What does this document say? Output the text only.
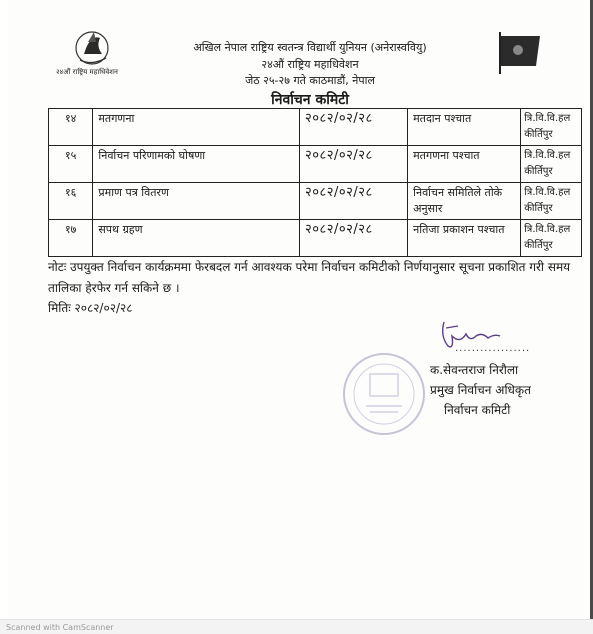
२४औं राष्ट्रिय महाधिवेशन
अखिल नेपाल राष्ट्रिय स्वतन्त्र विद्यार्थी युनियन (अनेरास्ववियु)
२४औं राष्ट्रिय महाधिवेशन
जेठ २५-२७ गते काठमाडौं, नेपाल
निर्वाचन कमिटी
१४	मतगणना	२०८२/०२/२८	मतदान पश्चात	त्रि.वि.वि.हल कीर्तिपुर
१५	निर्वाचन परिणामको घोषणा	२०८२/०२/२८	मतगणना पश्चात	त्रि.वि.वि.हल कीर्तिपुर
१६	प्रमाण पत्र वितरण	२०८२/०२/२८	निर्वाचन समितिले तोके अनुसार	त्रि.वि.वि.हल कीर्तिपुर
१७	सपथ ग्रहण	२०८२/०२/२८	नतिजा प्रकाशन पश्चात	त्रि.वि.वि.हल कीर्तिपुर
नोटः उपयुक्त निर्वाचन कार्यक्रममा फेरबदल गर्न आवश्यक परेमा निर्वाचन कमिटीको निर्णयानुसार सूचना प्रकाशित गरी समय तालिका हेरफेर गर्न सकिने छ ।
मितिः २०८२/०२/२८
..................
क.सेवन्तराज निरौला
प्रमुख निर्वाचन अधिकृत
निर्वाचन कमिटी
Scanned with CamScanner
